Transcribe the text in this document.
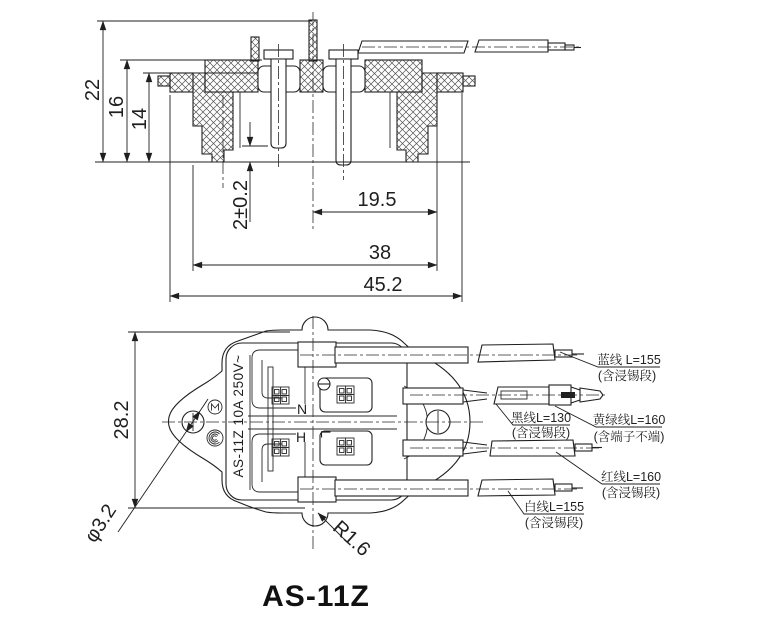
22
16
14
2±0.2	19.5
38
45.2
AS-11Z 10A 250V~	N
H L
28.2
φ3.2	R1.6
蓝线 L=155
(含浸锡段)
黑线L=130
(含浸锡段)
黄绿线L=160
(含端子不端)
红线L=160
(含浸锡段)
白线L=155
(含浸锡段)
AS-11Z
